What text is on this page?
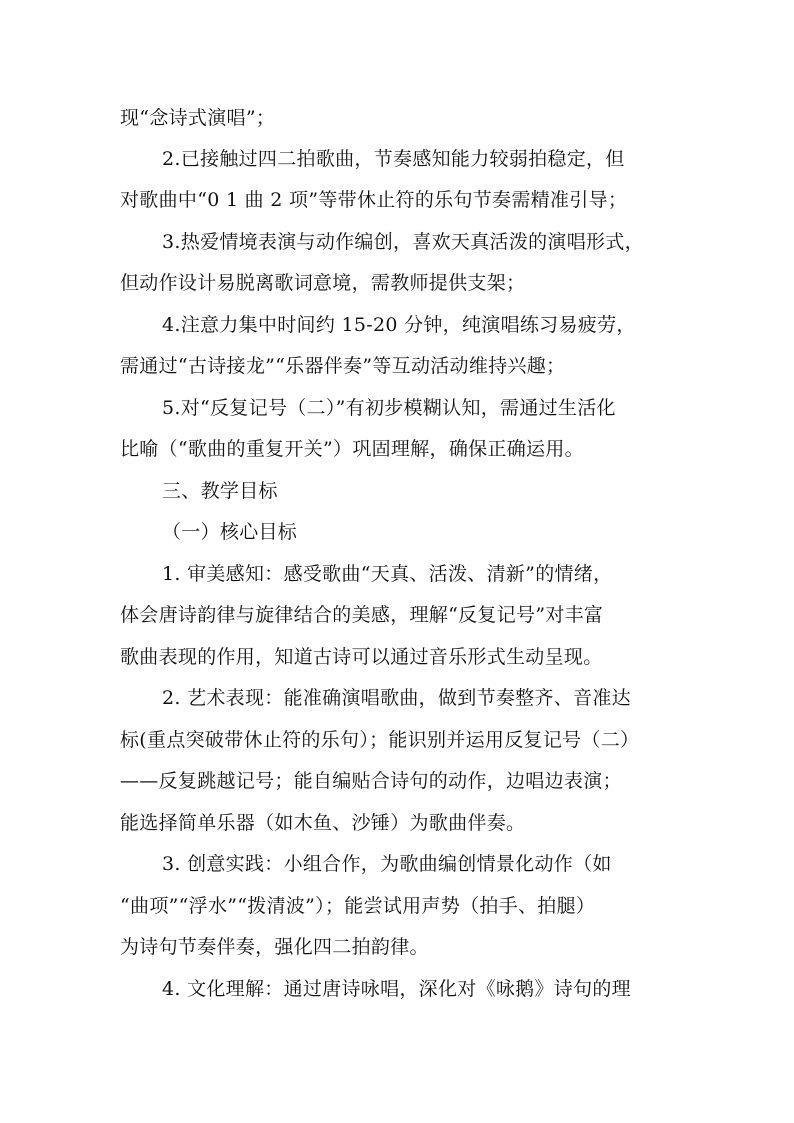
现“念诗式演唱”；
2.已接触过四二拍歌曲，节奏感知能力较弱拍稳定，但
对歌曲中“0 1 曲 2 项”等带休止符的乐句节奏需精准引导；
3.热爱情境表演与动作编创，喜欢天真活泼的演唱形式，
但动作设计易脱离歌词意境，需教师提供支架；
4.注意力集中时间约 15-20 分钟，纯演唱练习易疲劳，
需通过“古诗接龙”“乐器伴奏”等互动活动维持兴趣；
5.对“反复记号（二）”有初步模糊认知，需通过生活化
比喻（“歌曲的重复开关”）巩固理解，确保正确运用。
三、教学目标
（一）核心目标
1. 审美感知：感受歌曲“天真、活泼、清新”的情绪，
体会唐诗韵律与旋律结合的美感，理解“反复记号”对丰富
歌曲表现的作用，知道古诗可以通过音乐形式生动呈现。
2. 艺术表现：能准确演唱歌曲，做到节奏整齐、音准达
标(重点突破带休止符的乐句）；能识别并运用反复记号（二）
——反复跳越记号；能自编贴合诗句的动作，边唱边表演；
能选择简单乐器（如木鱼、沙锤）为歌曲伴奏。
3. 创意实践：小组合作，为歌曲编创情景化动作（如
“曲项”“浮水”“拨清波”）；能尝试用声势（拍手、拍腿）
为诗句节奏伴奏，强化四二拍韵律。
4. 文化理解：通过唐诗咏唱，深化对《咏鹅》诗句的理
